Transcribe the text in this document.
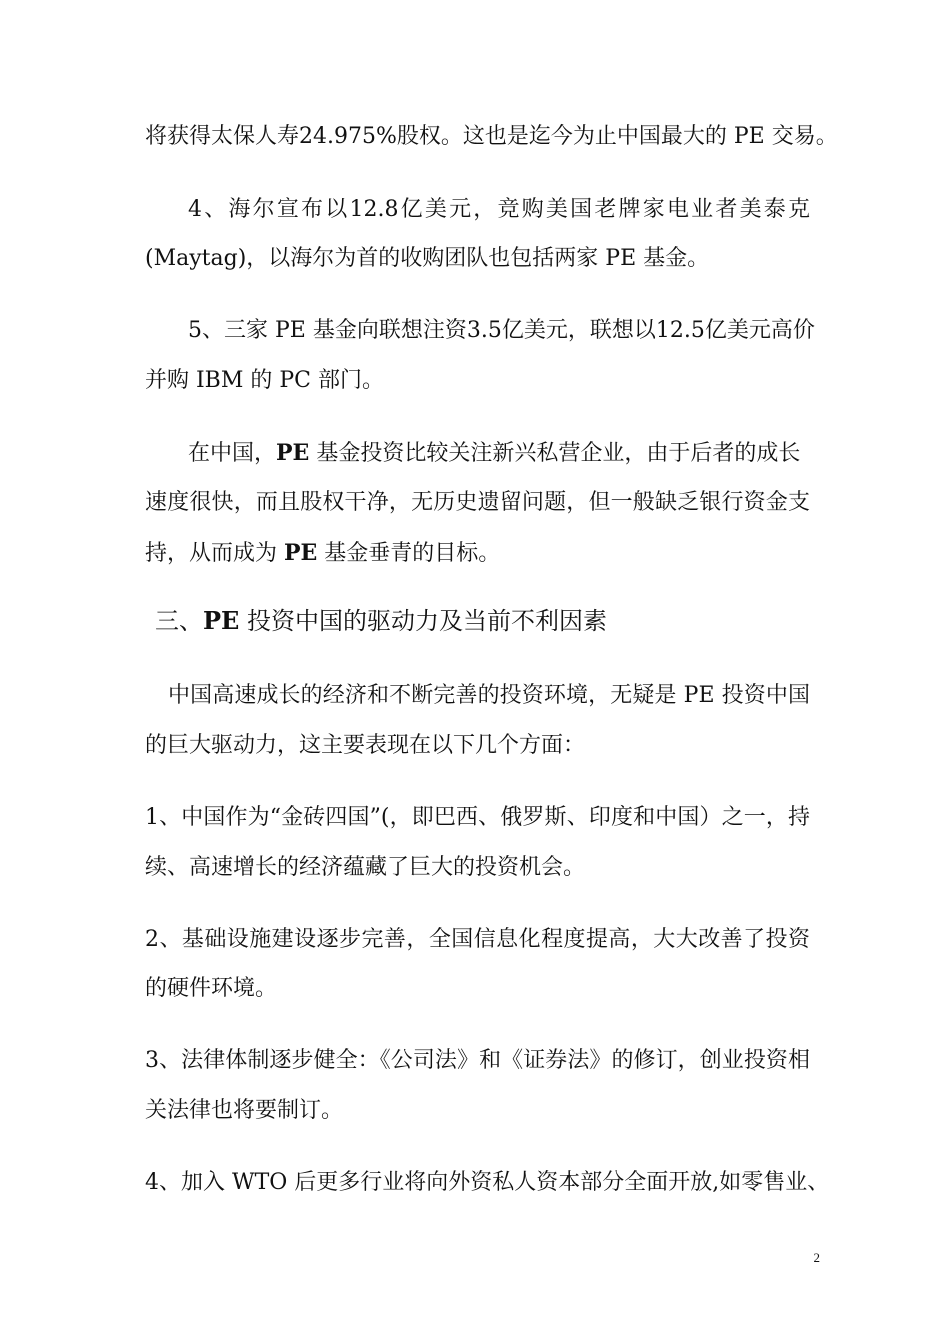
将获得太保人寿24.975%股权。这也是迄今为止中国最大的 PE 交易。
4、海尔宣布以12.8亿美元，竞购美国老牌家电业者美泰克
(Maytag)，以海尔为首的收购团队也包括两家 PE 基金。
5、三家 PE 基金向联想注资3.5亿美元，联想以12.5亿美元高价
并购 IBM 的 PC 部门。
在中国，PE 基金投资比较关注新兴私营企业，由于后者的成长
速度很快，而且股权干净，无历史遗留问题，但一般缺乏银行资金支
持，从而成为 PE 基金垂青的目标。
三、PE 投资中国的驱动力及当前不利因素
中国高速成长的经济和不断完善的投资环境，无疑是 PE 投资中国
的巨大驱动力，这主要表现在以下几个方面：
1、中国作为“金砖四国”(，即巴西、俄罗斯、印度和中国）之一，持
续、高速增长的经济蕴藏了巨大的投资机会。
2、基础设施建设逐步完善，全国信息化程度提高，大大改善了投资
的硬件环境。
3、法律体制逐步健全：《公司法》和《证券法》的修订，创业投资相
关法律也将要制订。
4、加入 WTO 后更多行业将向外资私人资本部分全面开放,如零售业、
2
